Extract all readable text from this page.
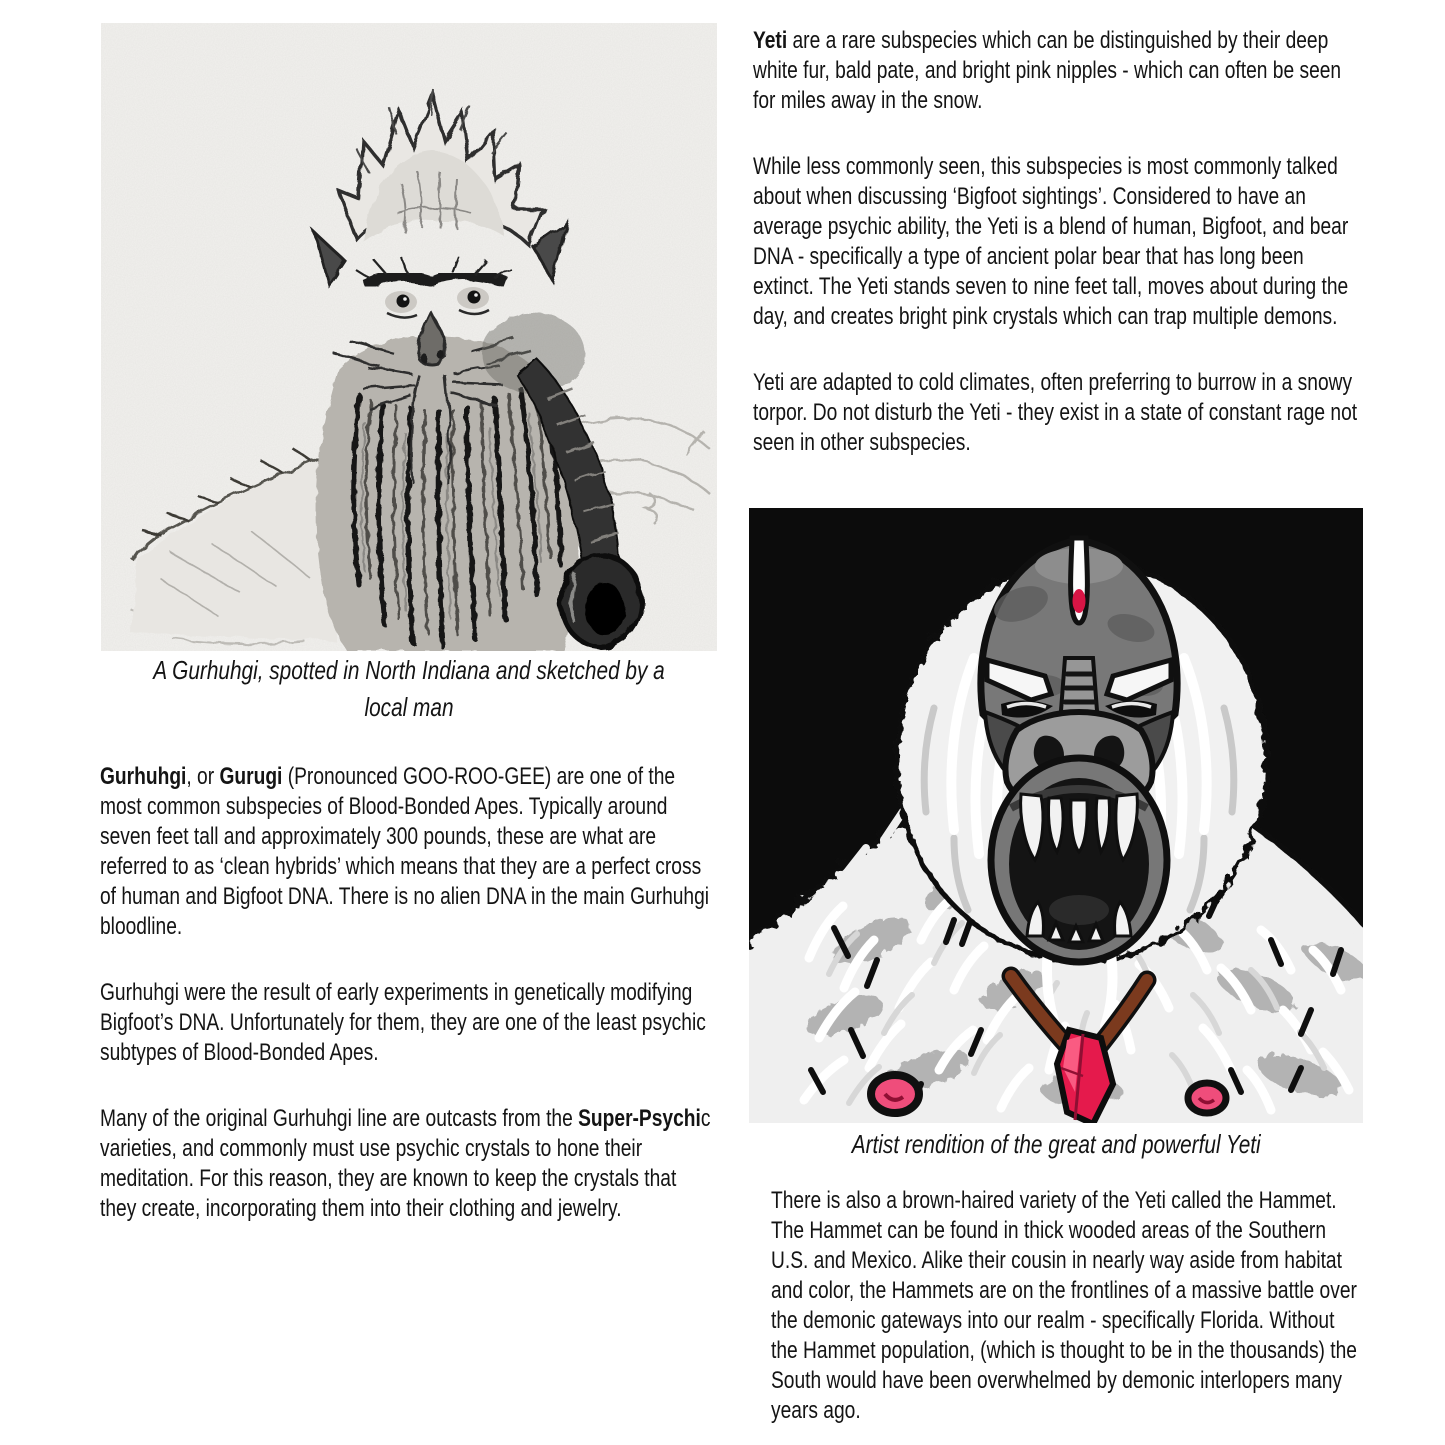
A Gurhuhgi, spotted in North Indiana and sketched by a local man

Gurhuhgi, or Gurugi (Pronounced GOO-ROO-GEE) are one of the most common subspecies of Blood-Bonded Apes. Typically around seven feet tall and approximately 300 pounds, these are what are referred to as ‘clean hybrids’ which means that they are a perfect cross of human and Bigfoot DNA. There is no alien DNA in the main Gurhuhgi bloodline.

Gurhuhgi were the result of early experiments in genetically modifying Bigfoot’s DNA. Unfortunately for them, they are one of the least psychic subtypes of Blood-Bonded Apes.

Many of the original Gurhuhgi line are outcasts from the Super-Psychic varieties, and commonly must use psychic crystals to hone their meditation. For this reason, they are known to keep the crystals that they create, incorporating them into their clothing and jewelry.

Yeti are a rare subspecies which can be distinguished by their deep white fur, bald pate, and bright pink nipples - which can often be seen for miles away in the snow.

While less commonly seen, this subspecies is most commonly talked about when discussing ‘Bigfoot sightings’. Considered to have an average psychic ability, the Yeti is a blend of human, Bigfoot, and bear DNA - specifically a type of ancient polar bear that has long been extinct. The Yeti stands seven to nine feet tall, moves about during the day, and creates bright pink crystals which can trap multiple demons.

Yeti are adapted to cold climates, often preferring to burrow in a snowy torpor. Do not disturb the Yeti - they exist in a state of constant rage not seen in other subspecies.

Artist rendition of the great and powerful Yeti

There is also a brown-haired variety of the Yeti called the Hammet. The Hammet can be found in thick wooded areas of the Southern U.S. and Mexico. Alike their cousin in nearly way aside from habitat and color, the Hammets are on the frontlines of a massive battle over the demonic gateways into our realm - specifically Florida. Without the Hammet population, (which is thought to be in the thousands) the South would have been overwhelmed by demonic interlopers many years ago.
